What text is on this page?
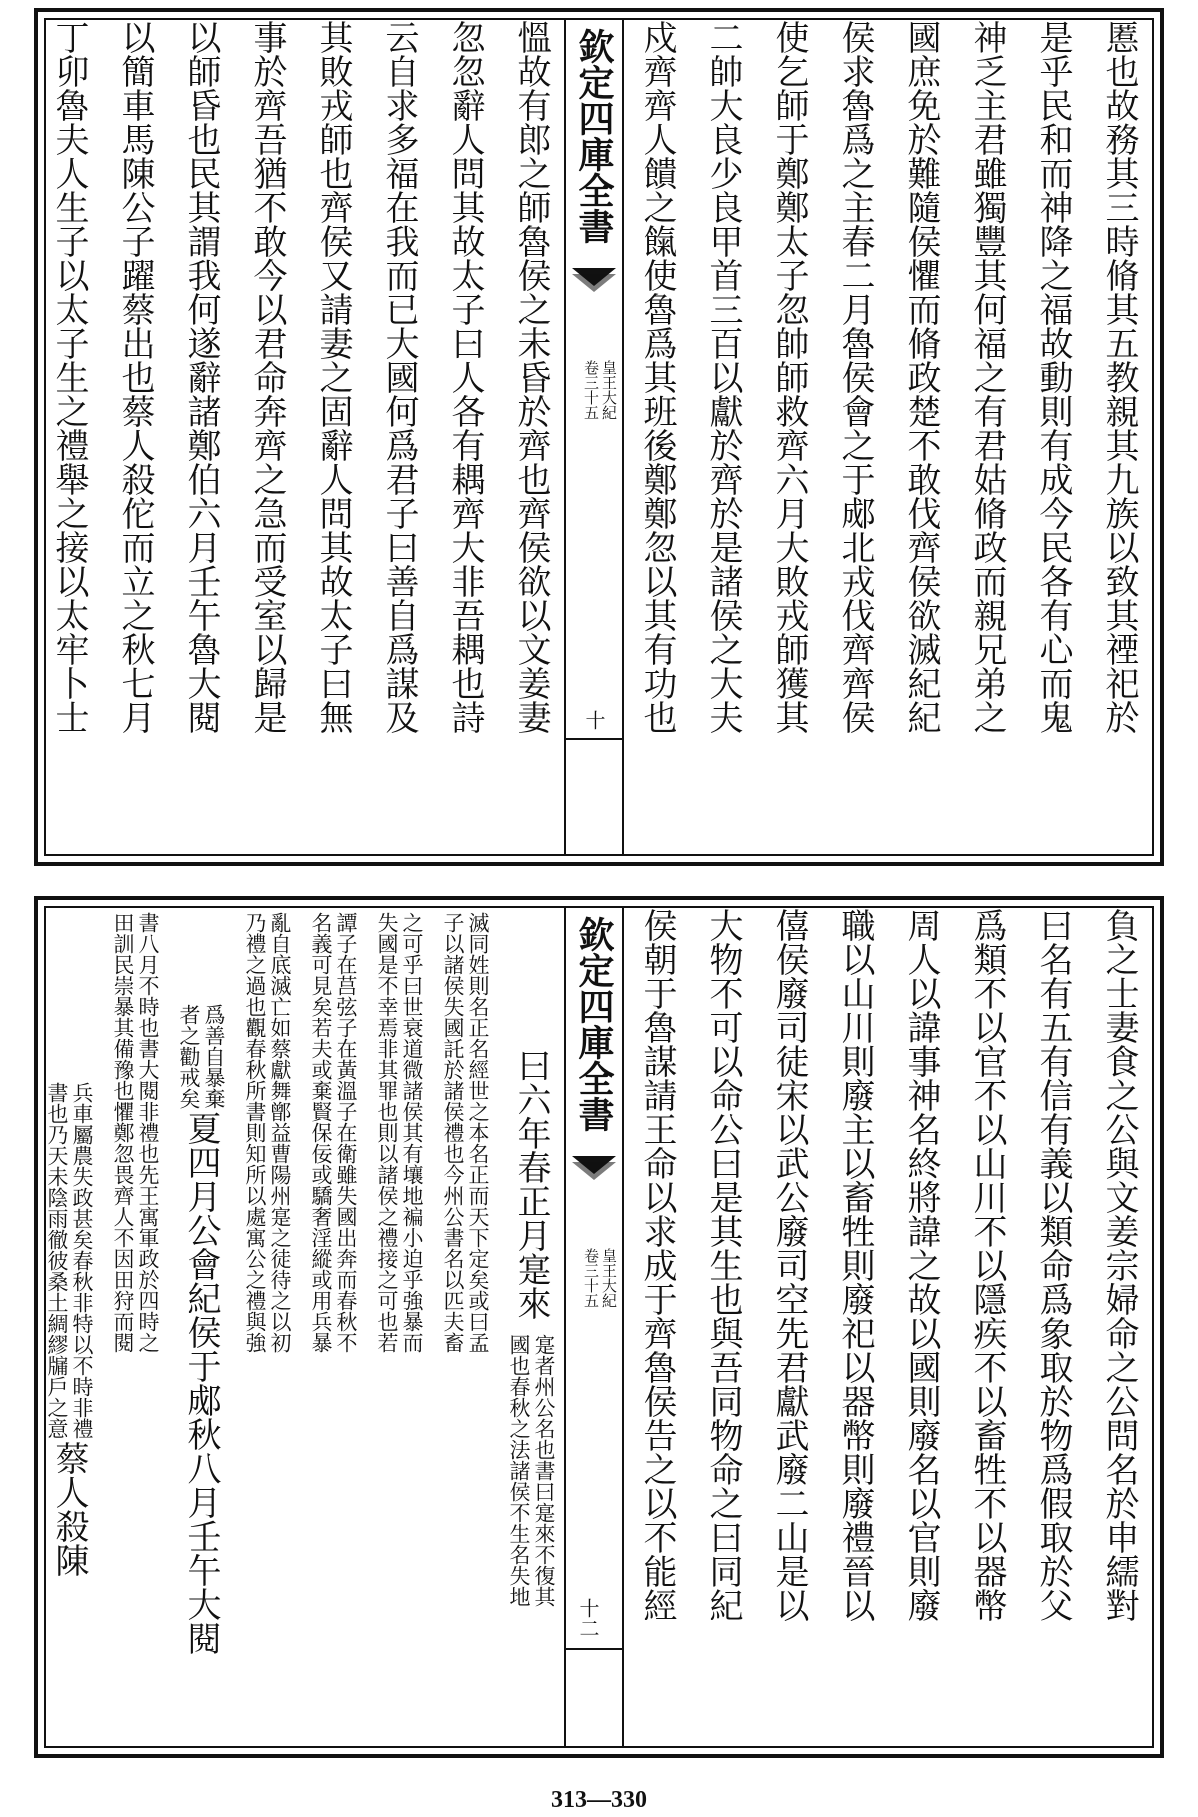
慝也故務其三時脩其五教親其九族以致其禋祀於
是乎民和而神降之福故動則有成今民各有心而鬼
神乏主君雖獨豐其何福之有君姑脩政而親兄弟之
國庶免於難隨侯懼而脩政楚不敢伐齊侯欲滅紀紀
侯求魯爲之主春二月魯侯會之于郕北戎伐齊齊侯
使乞師于鄭鄭太子忽帥師救齊六月大敗戎師獲其
二帥大良少良甲首三百以獻於齊於是諸侯之大夫
戍齊齊人饋之餼使魯爲其班後鄭鄭忽以其有功也
欽定四庫全書
皇王大紀
卷三十五
十
慍故有郎之師魯侯之未昏於齊也齊侯欲以文姜妻
忽忽辭人問其故太子曰人各有耦齊大非吾耦也詩
云自求多福在我而已大國何爲君子曰善自爲謀及
其敗戎師也齊侯又請妻之固辭人問其故太子曰無
事於齊吾猶不敢今以君命奔齊之急而受室以歸是
以師昏也民其謂我何遂辭諸鄭伯六月壬午魯大閱
以簡車馬陳公子躍蔡出也蔡人殺佗而立之秋七月
丁卯魯夫人生子以太子生之禮舉之接以太牢卜士
負之士妻食之公與文姜宗婦命之公問名於申繻對
曰名有五有信有義以類命爲象取於物爲假取於父
爲類不以官不以山川不以隱疾不以畜牲不以器幣
周人以諱事神名終將諱之故以國則廢名以官則廢
職以山川則廢主以畜牲則廢祀以器幣則廢禮晉以
僖侯廢司徒宋以武公廢司空先君獻武廢二山是以
大物不可以命公曰是其生也與吾同物命之曰同紀
侯朝于魯謀請王命以求成于齊魯侯告之以不能經
欽定四庫全書
皇王大紀
卷三十五
十二
曰六年春正月寔來
寔者州公名也書曰寔來不復其
國也春秋之法諸侯不生名失地
滅同姓則名正名經世之本名正而天下定矣或曰孟
子以諸侯失國託於諸侯禮也今州公書名以匹夫畜
之可乎曰世衰道微諸侯其有壤地褊小迫乎強暴而
失國是不幸焉非其罪也則以諸侯之禮接之可也若
譚子在莒弦子在黃溫子在衛雖失國出奔而春秋不
名義可見矣若夫或棄賢保佞或驕奢淫縱或用兵暴
亂自底滅亡如蔡獻舞鄫益曹陽州寔之徒待之以初
乃禮之過也觀春秋所書則知所以處寓公之禮與強
爲善自暴棄
者之勸戒矣
夏四月公會紀侯于郕秋八月壬午大閱
書八月不時也書大閱非禮也先王寓軍政於四時之
田訓民崇暴其備豫也懼鄭忽畏齊人不因田狩而閱
兵車屬農失政甚矣春秋非特以不時非禮
書也乃天未陰雨徹彼桑土綢繆牖戶之意
蔡人殺陳
313—330
